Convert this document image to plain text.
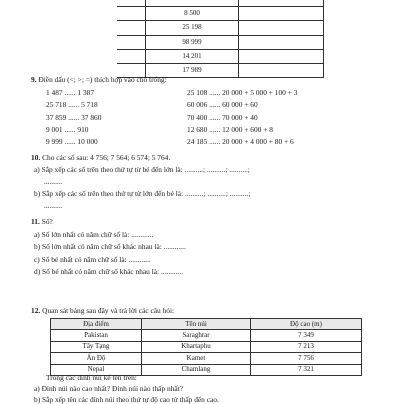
	8 500	
	25 198	
	98 999	
	14 201	
	17 989	
9. Điền dấu (<; >; =) thích hợp vào chỗ trống:
1 487 ...... 1 387
25 718 ...... 5 718
37 859 ...... 37 860
9 001 ...... 910
9 999 ...... 10 000
25 108 ...... 20 000 + 5 000 + 100 + 3
60 006 ...... 60 000 + 60
70 400 ...... 70 000 + 40
12 680 ...... 12 000 + 600 + 8
24 185 ...... 20 000 + 4 000 + 80 + 6
10. Cho các số sau: 4 756; 7 564; 6 574; 5 764.
a) Sắp xếp các số trên theo thứ tự từ bé đến lớn là: ..........; ..........; ..........;
..........
b) Sắp xếp các số trên theo thứ tự từ lớn đến bé là: ..........; ..........; ..........;
..........
11. Số?
a) Số lớn nhất có năm chữ số là: ............
b) Số lớn nhất có năm chữ số khác nhau là: ............
c) Số bé nhất có năm chữ số là: ............
d) Số bé nhất có năm chữ số khác nhau là: ............
12. Quan sát bảng sau đây và trả lời các câu hỏi:
Địa điểm	Tên núi	Độ cao (m)
Pakistan	Saraghrar	7 349
Tây Tạng	Khartaphu	7 213
Ấn Độ	Kamet	7 756
Nepal	Chamlang	7 321
Trong các đỉnh núi kể tên trên:
a) Đỉnh núi nào cao nhất? Đỉnh núi nào thấp nhất?
b) Sắp xếp tên các đỉnh núi theo thứ tự độ cao từ thấp đến cao.
